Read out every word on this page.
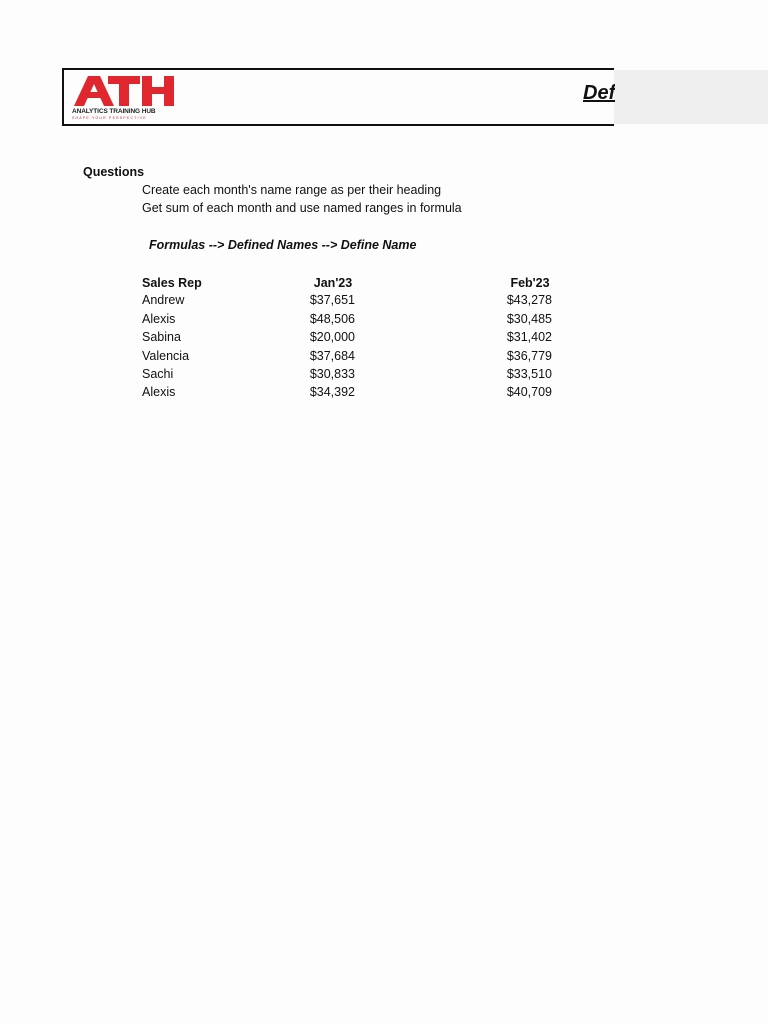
ANALYTICS TRAINING HUB
SHAPE YOUR PERSPECTIVE
Def
Questions
Create each month's name range as per their heading
Get sum of each month and use named ranges in formula
Formulas --> Defined Names --> Define Name
Sales Rep	Jan'23	Feb'23
Andrew	$37,651	$43,278
Alexis	$48,506	$30,485
Sabina	$20,000	$31,402
Valencia	$37,684	$36,779
Sachi	$30,833	$33,510
Alexis	$34,392	$40,709
